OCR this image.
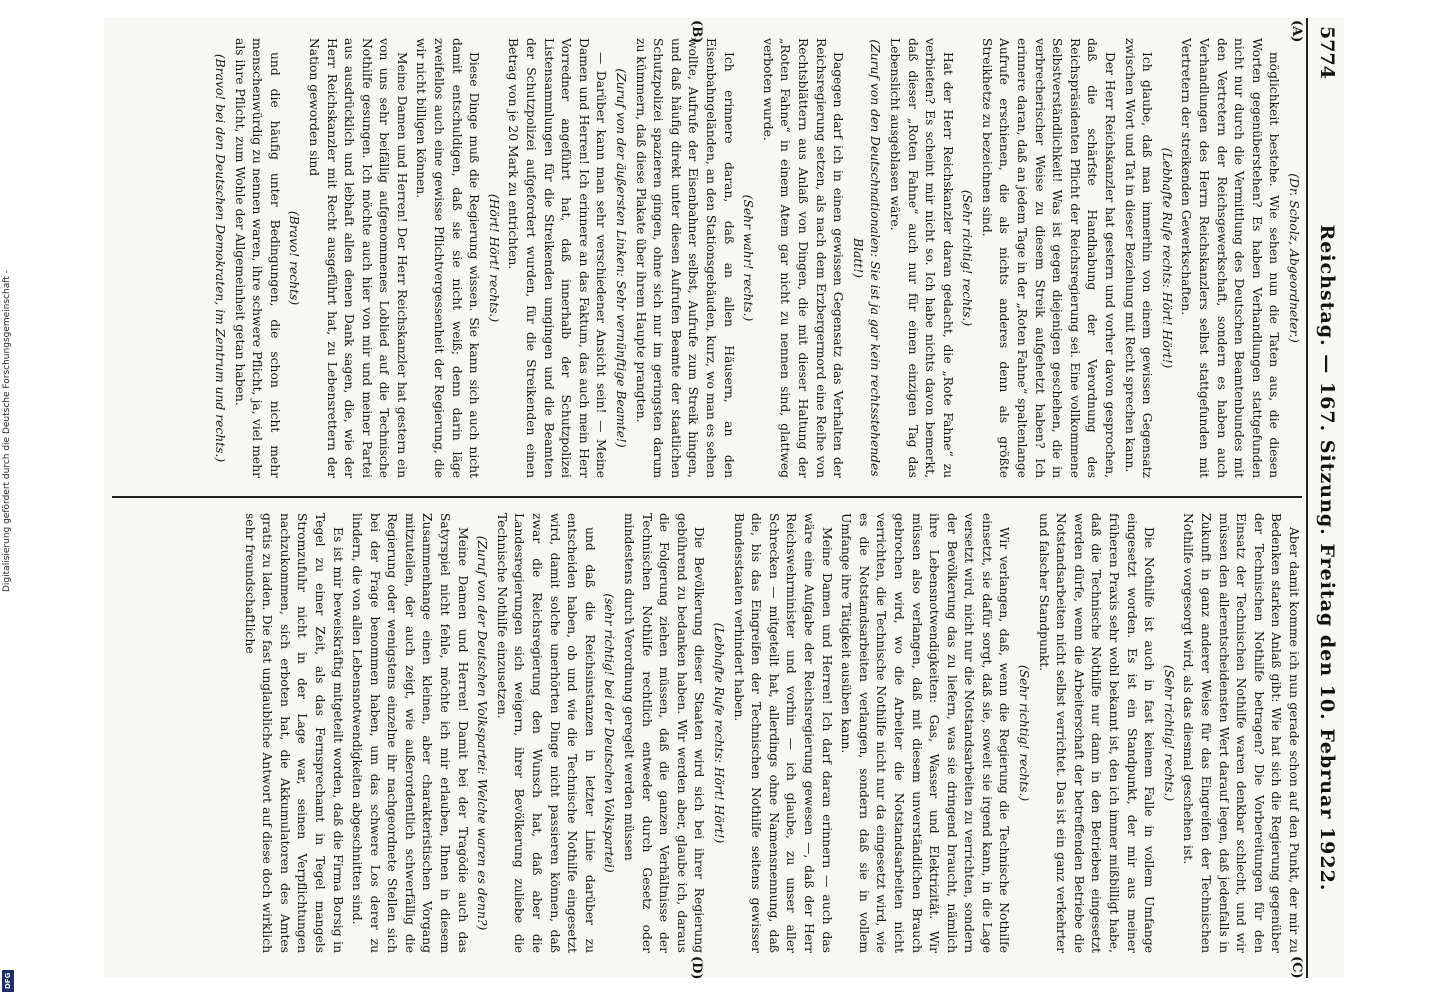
5774
Reichstag. — 167. Sitzung. Freitag den 10. Februar 1922.
(A)
(B)
(C)
(D)

(Dr. Scholz, Abgeordneter.)

möglichkeit bestehe. Wie sehen nun die Taten aus, die diesen Worten gegenüberstehen? Es haben Verhandlungen stattgefunden nicht nur durch die Vermittlung des Deutschen Beamtenbundes mit den Vertretern der Reichsgewerkschaft, sondern es haben auch Verhandlungen des Herrn Reichskanzlers selbst stattgefunden mit Vertretern der streikenden Gewerkschaften.

(Lebhafte Rufe rechts: Hört! Hört!)

Ich glaube, daß man immerhin von einem gewissen Gegensatz zwischen Wort und Tat in dieser Beziehung mit Recht sprechen kann.

Der Herr Reichskanzler hat gestern und vorher davon gesprochen, daß die schärfste Handhabung der Verordnung des Reichspräsidenten Pflicht der Reichsregierung sei. Eine vollkommene Selbstverständlichkeit! Was ist gegen diejenigen geschehen, die in verbrecherischer Weise zu diesem Streik aufgehetzt haben? Ich erinnere daran, daß an jedem Tage in der „Roten Fahne“ spaltenlange Aufrufe erschienen, die als nichts anderes denn als größte Streikhetze zu bezeichnen sind.

(Sehr richtig! rechts.)

Hat der Herr Reichskanzler daran gedacht, die „Rote Fahne“ zu verbieten? Es scheint mir nicht so. Ich habe nichts davon bemerkt, daß dieser „Roten Fahne“ auch nur für einen einzigen Tag das Lebenslicht ausgeblasen wäre.

(Zuruf von den Deutschnationalen: Sie ist ja gar kein rechtsstehendes Blatt!)

Dagegen darf ich in einen gewissen Gegensatz das Verhalten der Reichsregierung setzen, als nach dem Erzbergermord eine Reihe von Rechtsblättern aus Anlaß von Dingen, die mit dieser Haltung der „Roten Fahne“ in einem Atem gar nicht zu nennen sind, glattweg verboten wurde.

(Sehr wahr! rechts.)

Ich erinnere daran, daß an allen Häusern, an den Eisenbahngeländen, an den Stationsgebäuden, kurz, wo man es sehen wollte, Aufrufe der Eisenbahner selbst, Aufrufe zum Streik hingen, und daß häufig direkt unter diesen Aufrufen Beamte der staatlichen Schutzpolizei spazieren gingen, ohne sich nur im geringsten darum zu kümmern, daß diese Plakate über ihrem Haupte prangten.

(Zuruf von der äußersten Linken: Sehr vernünftige Beamte!)

— Darüber kann man sehr verschiedener Ansicht sein! — Meine Damen und Herren! Ich erinnere an das Faktum, das auch mein Herr Vorredner angeführt hat, daß innerhalb der Schutzpolizei Listensammlungen für die Streikenden umgingen und die Beamten der Schutzpolizei aufgefordert wurden, für die Streikenden einen Betrag von je 20 Mark zu entrichten.

(Hört! Hört! rechts.)

Diese Dinge muß die Regierung wissen. Sie kann sich auch nicht damit entschuldigen, daß sie sie nicht weiß; denn darin läge zweifellos auch eine gewisse Pflichtvergessenheit der Regierung, die wir nicht billigen können.

Meine Damen und Herren! Der Herr Reichskanzler hat gestern ein von uns sehr beifällig aufgenommenes Loblied auf die Technische Nothilfe gesungen. Ich möchte auch hier von mir und meiner Partei aus ausdrücklich und lebhaft allen denen Dank sagen, die, wie der Herr Reichskanzler mit Recht ausgeführt hat, zu Lebensrettern der Nation geworden sind

(Bravo! rechts)

und die häufig unter Bedingungen, die schon nicht mehr menschenwürdig zu nennen waren, ihre schwere Pflicht, ja, viel mehr als ihre Pflicht, zum Wohle der Allgemeinheit getan haben.

(Bravo! bei den Deutschen Demokraten, im Zentrum und rechts.)

Aber damit komme ich nun gerade schon auf den Punkt, der mir zu Bedenken starken Anlaß gibt: Wie hat sich die Regierung gegenüber der Technischen Nothilfe betragen? Die Vorbereitungen für den Einsatz der Technischen Nothilfe waren denkbar schlecht, und wir müssen den allerentscheidensten Wert darauf legen, daß jedenfalls in Zukunft in ganz anderer Weise für das Eingreifen der Technischen Nothilfe vorgesorgt wird, als das diesmal geschehen ist.

(Sehr richtig! rechts.)

Die Nothilfe ist auch in fast keinem Falle in vollem Umfange eingesetzt worden. Es ist ein Standpunkt, der mir aus meiner früheren Praxis sehr wohl bekannt ist, den ich immer mißbilligt habe, daß die Technische Nothilfe nur dann in den Betrieben eingesetzt werden dürfe, wenn die Arbeiterschaft der betreffenden Betriebe die Notstandsarbeiten nicht selbst verrichtet. Das ist ein ganz verkehrter und falscher Standpunkt.

(Sehr richtig! rechts.)

Wir verlangen, daß, wenn die Regierung die Technische Nothilfe einsetzt, sie dafür sorgt, daß sie, soweit sie irgend kann, in die Lage versetzt wird, nicht nur die Notstandsarbeiten zu verrichten, sondern der Bevölkerung das zu liefern, was sie dringend braucht, nämlich ihre Lebensnotwendigkeiten: Gas, Wasser und Elektrizität. Wir müssen also verlangen, daß mit diesem unverständlichen Brauch gebrochen wird, wo die Arbeiter die Notstandsarbeiten nicht verrichten, die Technische Nothilfe nicht nur da eingesetzt wird, wie es die Notstandsarbeiten verlangen, sondern daß sie in vollem Umfange ihre Tätigkeit ausüben kann.

Meine Damen und Herren! Ich darf daran erinnern — auch das wäre eine Aufgabe der Reichsregierung gewesen —, daß der Herr Reichswehrminister und vorhin — ich glaube, zu unser aller Schrecken — mitgeteilt hat, allerdings ohne Namensnennung, daß die, bis das Eingreifen der Technischen Nothilfe seitens gewisser Bundesstaaten verhindert haben.

(Lebhafte Rufe rechts: Hört! Hört!)

Die Bevölkerung dieser Staaten wird sich bei ihrer Regierung gebührend zu bedanken haben. Wir werden aber, glaube ich, daraus die Folgerung ziehen müssen, daß die ganzen Verhältnisse der Technischen Nothilfe rechtlich entweder durch Gesetz oder mindestens durch Verordnung geregelt werden müssen

(sehr richtig! bei der Deutschen Volkspartei)

und daß die Reichsinstanzen in letzter Linie darüber zu entscheiden haben, ob und wie die Technische Nothilfe eingesetzt wird, damit solche unerhörten Dinge nicht passieren können, daß zwar die Reichsregierung den Wunsch hat, daß aber die Landesregierungen sich weigern, ihrer Bevölkerung zuliebe die Technische Nothilfe einzusetzen.

(Zuruf von der Deutschen Volkspartei: Welche waren es denn?)

Meine Damen und Herren! Damit bei der Tragödie auch das Satyrspiel nicht fehle, möchte ich mir erlauben, Ihnen in diesem Zusammenhange einen kleinen, aber charakteristischen Vorgang mitzuteilen, der auch zeigt, wie außerordentlich schwerfällig die Regierung oder wenigstens einzelne ihr nachgeordnete Stellen sich bei der Frage benommen haben, um das schwere Los derer zu lindern, die von allen Lebensnotwendigkeiten abgeschnitten sind.

Es ist mir beweiskräftig mitgeteilt worden, daß die Firma Borsig in Tegel zu einer Zeit, als das Fernsprechamt in Tegel mangels Stromzufuhr nicht in der Lage war, seinen Verpflichtungen nachzukommen, sich erboten hat, die Akkumulatoren des Amtes gratis zu laden. Die fast unglaubliche Antwort auf diese doch wirklich sehr freundschaftliche

Digitalisierung gefördert durch die Deutsche Forschungsgemeinschaft -
DFG
